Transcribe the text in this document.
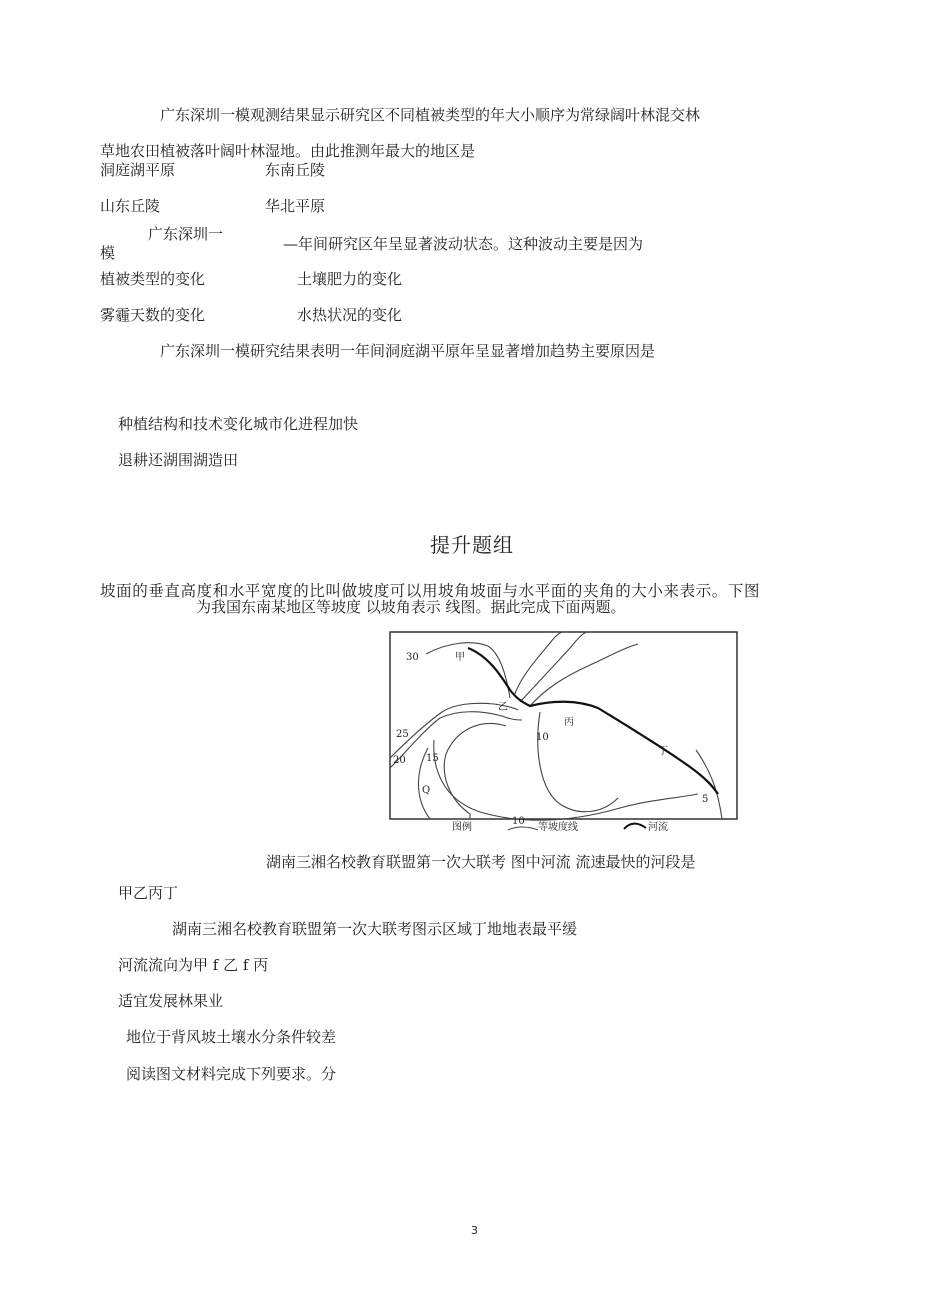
广东深圳一模观测结果显示研究区不同植被类型的年大小顺序为常绿阔叶林混交林
草地农田植被落叶阔叶林湿地。由此推测年最大的地区是
洞庭湖平原	东南丘陵
山东丘陵	华北平原
广东深圳一
模	—年间研究区年呈显著波动状态。这种波动主要是因为
植被类型的变化	土壤肥力的变化
雾霾天数的变化	水热状况的变化
广东深圳一模研究结果表明一年间洞庭湖平原年呈显著增加趋势主要原因是
种植结构和技术变化城市化进程加快
退耕还湖围湖造田
提升题组
坡面的垂直高度和水平宽度的比叫做坡度可以用坡角坡面与水平面的夹角的大小来表示。下图
为我国东南某地区等坡度 以坡角表示 线图。据此完成下面两题。
30
25
20 15
10
5
甲
乙
丙
丁
Q
图例
10
等坡度线	河流
湖南三湘名校教育联盟第一次大联考 图中河流 流速最快的河段是
甲乙丙丁
湖南三湘名校教育联盟第一次大联考图示区域丁地地表最平缓
河流流向为甲 f 乙 f 丙
适宜发展林果业
地位于背风坡土壤水分条件较差
阅读图文材料完成下列要求。分
3
